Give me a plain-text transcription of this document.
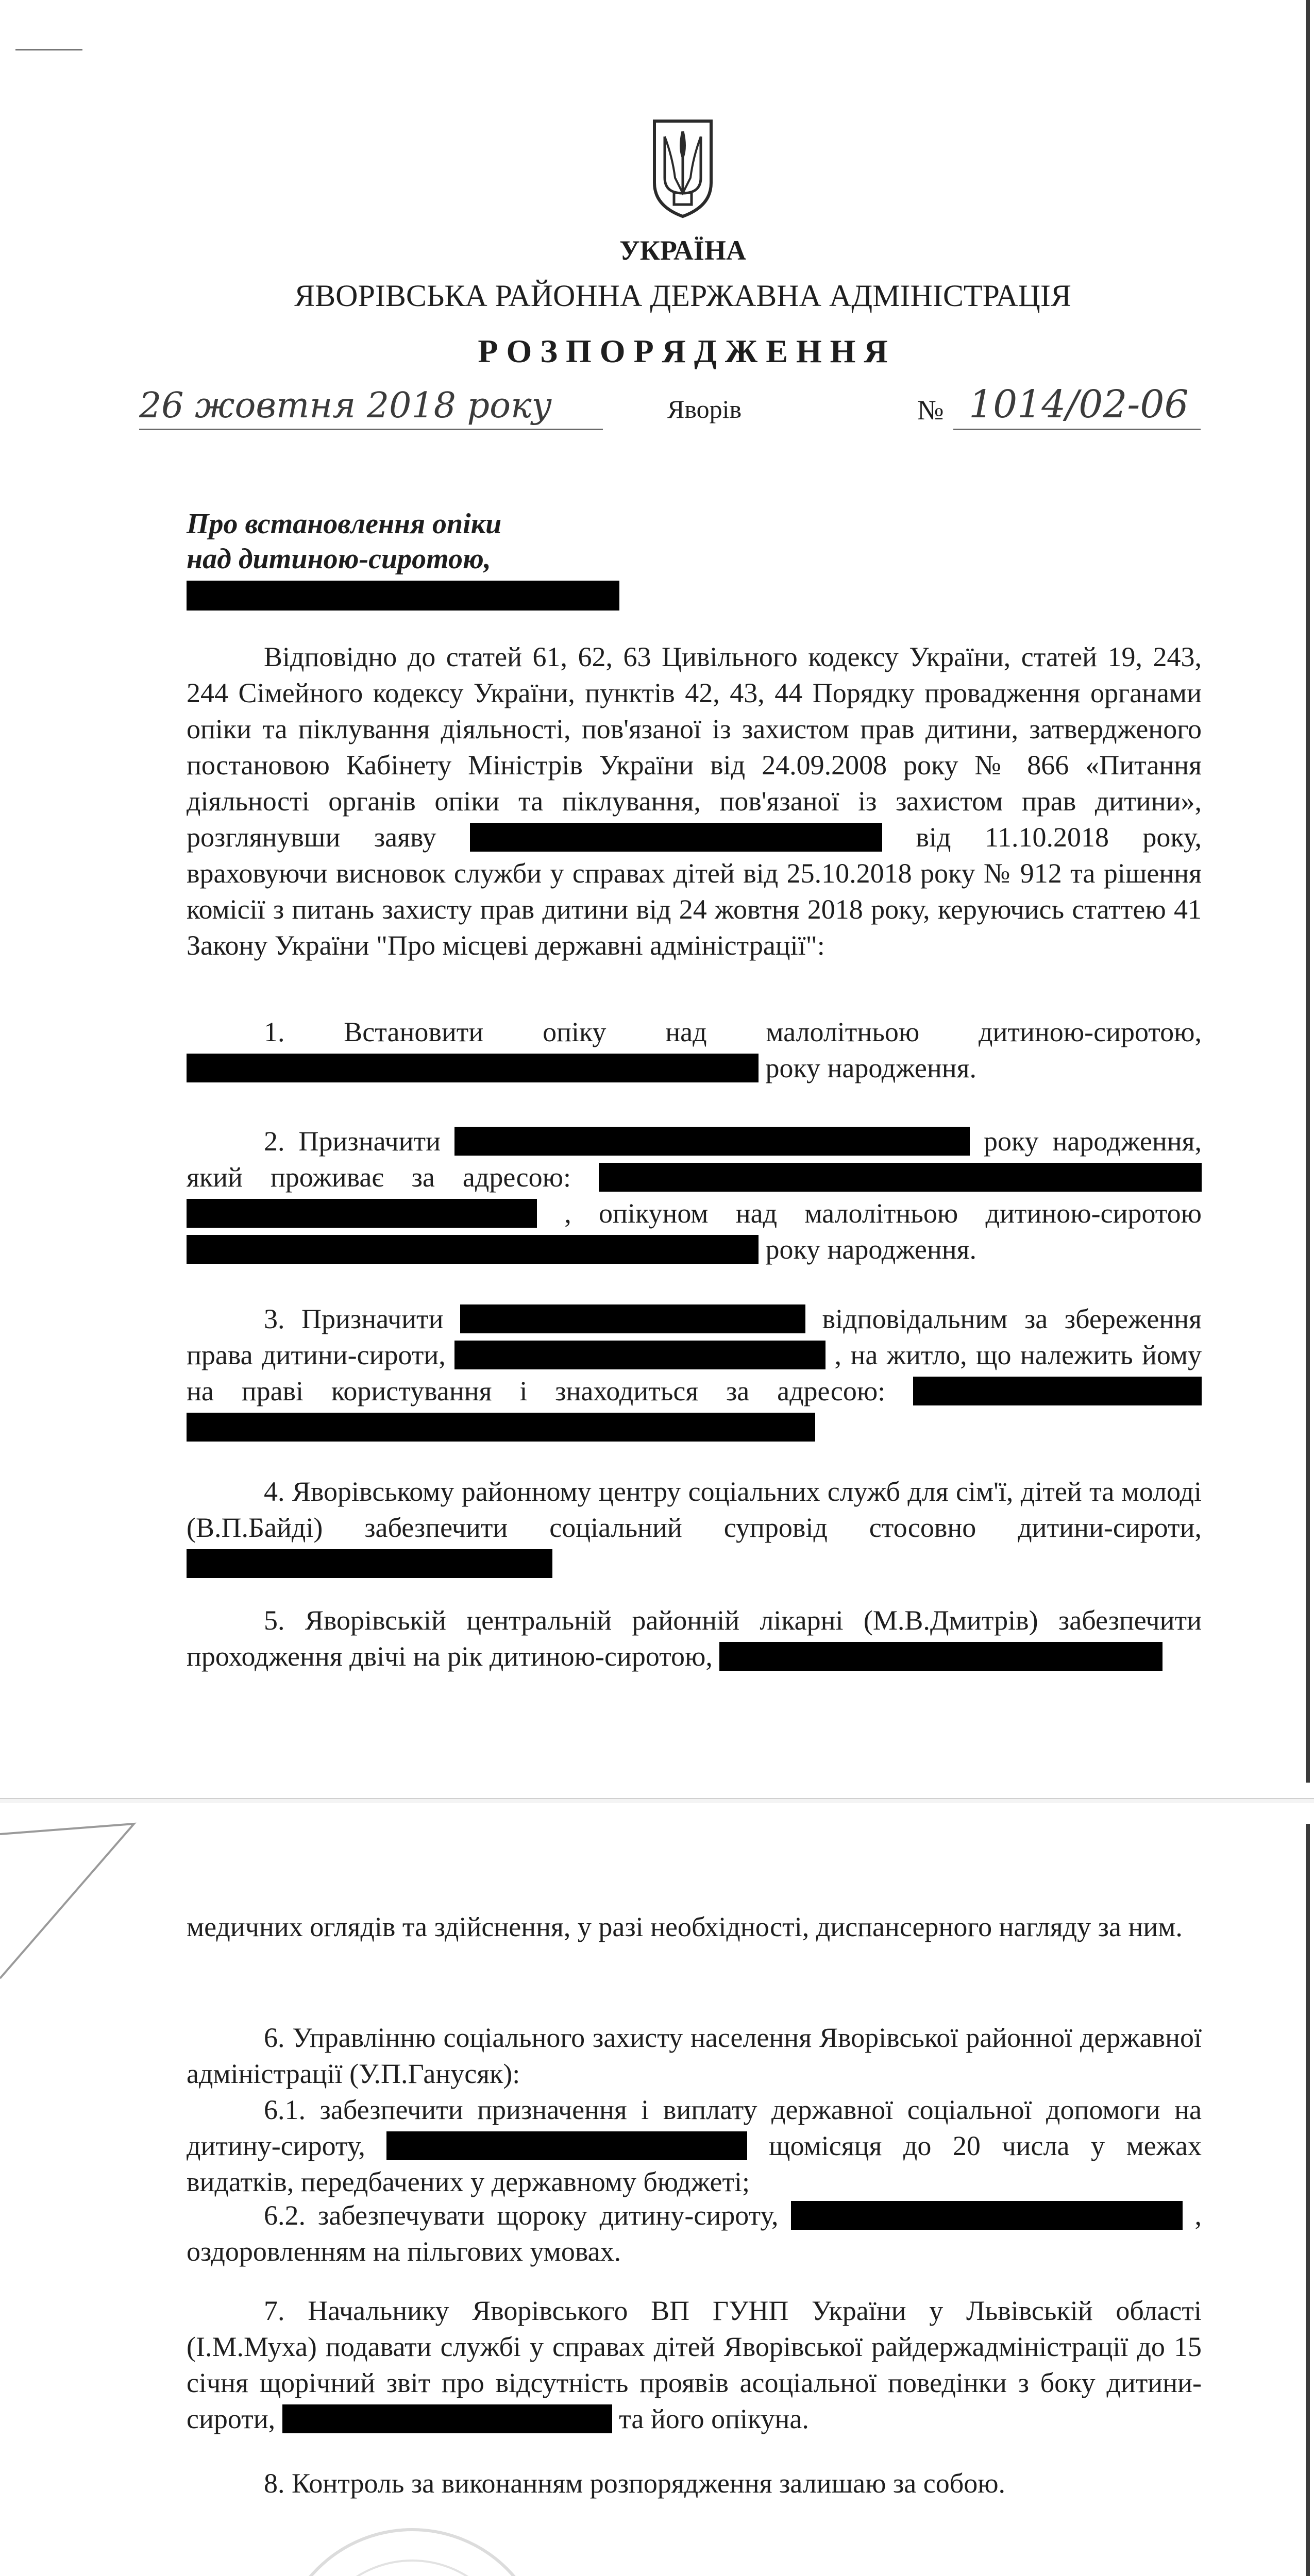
УКРАЇНА
ЯВОРІВСЬКА РАЙОННА ДЕРЖАВНА АДМІНІСТРАЦІЯ
Р О З П О Р Я Д Ж Е Н Н Я
26 жовтня 2018 року	Яворів	№ 1014/02-06
Про встановлення опіки
над дитиною-сиротою,
Відповідно до статей 61, 62, 63 Цивільного кодексу України, статей 19, 243, 244 Сімейного кодексу України, пунктів 42, 43, 44 Порядку провадження органами опіки та піклування діяльності, пов'язаної із захистом прав дитини, затвердженого постановою Кабінету Міністрів України від 24.09.2008 року № 866 «Питання діяльності органів опіки та піклування, пов'язаної із захистом прав дитини», розглянувши заяву	від 11.10.2018 року, враховуючи висновок служби у справах дітей від 25.10.2018 року № 912 та рішення комісії з питань захисту прав дитини від 24 жовтня 2018 року, керуючись статтею 41 Закону України "Про місцеві державні адміністрації":
1. Встановити опіку над малолітньою дитиною-сиротою,  року народження.
2. Призначити	року народження, який проживає за адресою:   , опікуном над малолітньою дитиною-сиротою  року народження.
3. Призначити	відповідальним за збереження права дитини-сироти,	, на житло, що належить йому на праві користування і знаходиться за адресою:
4. Яворівському районному центру соціальних служб для сім'ї, дітей та молоді (В.П.Байді) забезпечити соціальний супровід стосовно дитини-сироти,
5. Яворівській центральній районній лікарні (М.В.Дмитрів) забезпечити проходження двічі на рік дитиною-сиротою,
медичних оглядів та здійснення, у разі необхідності, диспансерного нагляду за ним.
6. Управлінню соціального захисту населення Яворівської районної державної адміністрації (У.П.Ганусяк):
6.1. забезпечити призначення і виплату державної соціальної допомоги на дитину-сироту,	щомісяця до 20 числа у межах видатків, передбачених у державному бюджеті;
6.2. забезпечувати щороку дитину-сироту,	, оздоровленням на пільгових умовах.
7. Начальнику Яворівського ВП ГУНП України у Львівській області (І.М.Муха) подавати службі у справах дітей Яворівської райдержадміністрації до 15 січня щорічний звіт про відсутність проявів асоціальної поведінки з боку дитини-сироти,	та його опікуна.
8. Контроль за виконанням розпорядження залишаю за собою.
